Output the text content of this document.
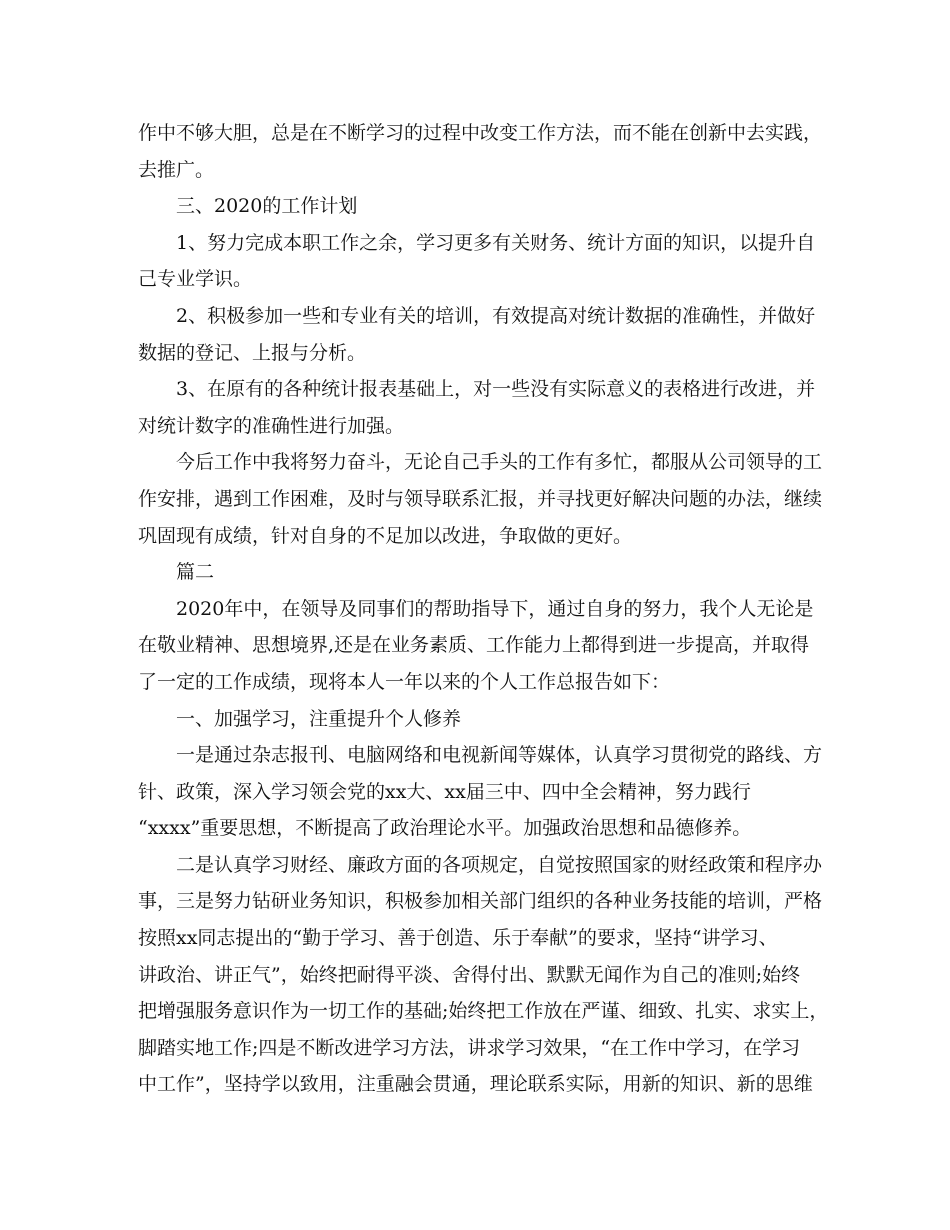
作中不够大胆，总是在不断学习的过程中改变工作方法，而不能在创新中去实践，

去推广。

三、2020的工作计划

1、努力完成本职工作之余，学习更多有关财务、统计方面的知识，以提升自

己专业学识。

2、积极参加一些和专业有关的培训，有效提高对统计数据的准确性，并做好

数据的登记、上报与分析。

3、在原有的各种统计报表基础上，对一些没有实际意义的表格进行改进，并

对统计数字的准确性进行加强。

今后工作中我将努力奋斗，无论自己手头的工作有多忙，都服从公司领导的工

作安排，遇到工作困难，及时与领导联系汇报，并寻找更好解决问题的办法，继续

巩固现有成绩，针对自身的不足加以改进，争取做的更好。

篇二

2020年中，在领导及同事们的帮助指导下，通过自身的努力，我个人无论是

在敬业精神、思想境界,还是在业务素质、工作能力上都得到进一步提高，并取得

了一定的工作成绩，现将本人一年以来的个人工作总报告如下：

一、加强学习，注重提升个人修养

一是通过杂志报刊、电脑网络和电视新闻等媒体，认真学习贯彻党的路线、方

针、政策，深入学习领会党的xx大、xx届三中、四中全会精神，努力践行

“xxxx”重要思想，不断提高了政治理论水平。加强政治思想和品德修养。

二是认真学习财经、廉政方面的各项规定，自觉按照国家的财经政策和程序办

事，三是努力钻研业务知识，积极参加相关部门组织的各种业务技能的培训，严格

按照xx同志提出的“勤于学习、善于创造、乐于奉献”的要求，坚持“讲学习、

讲政治、讲正气”，始终把耐得平淡、舍得付出、默默无闻作为自己的准则;始终

把增强服务意识作为一切工作的基础;始终把工作放在严谨、细致、扎实、求实上，

脚踏实地工作;四是不断改进学习方法，讲求学习效果，“在工作中学习，在学习

中工作”，坚持学以致用，注重融会贯通，理论联系实际，用新的知识、新的思维
